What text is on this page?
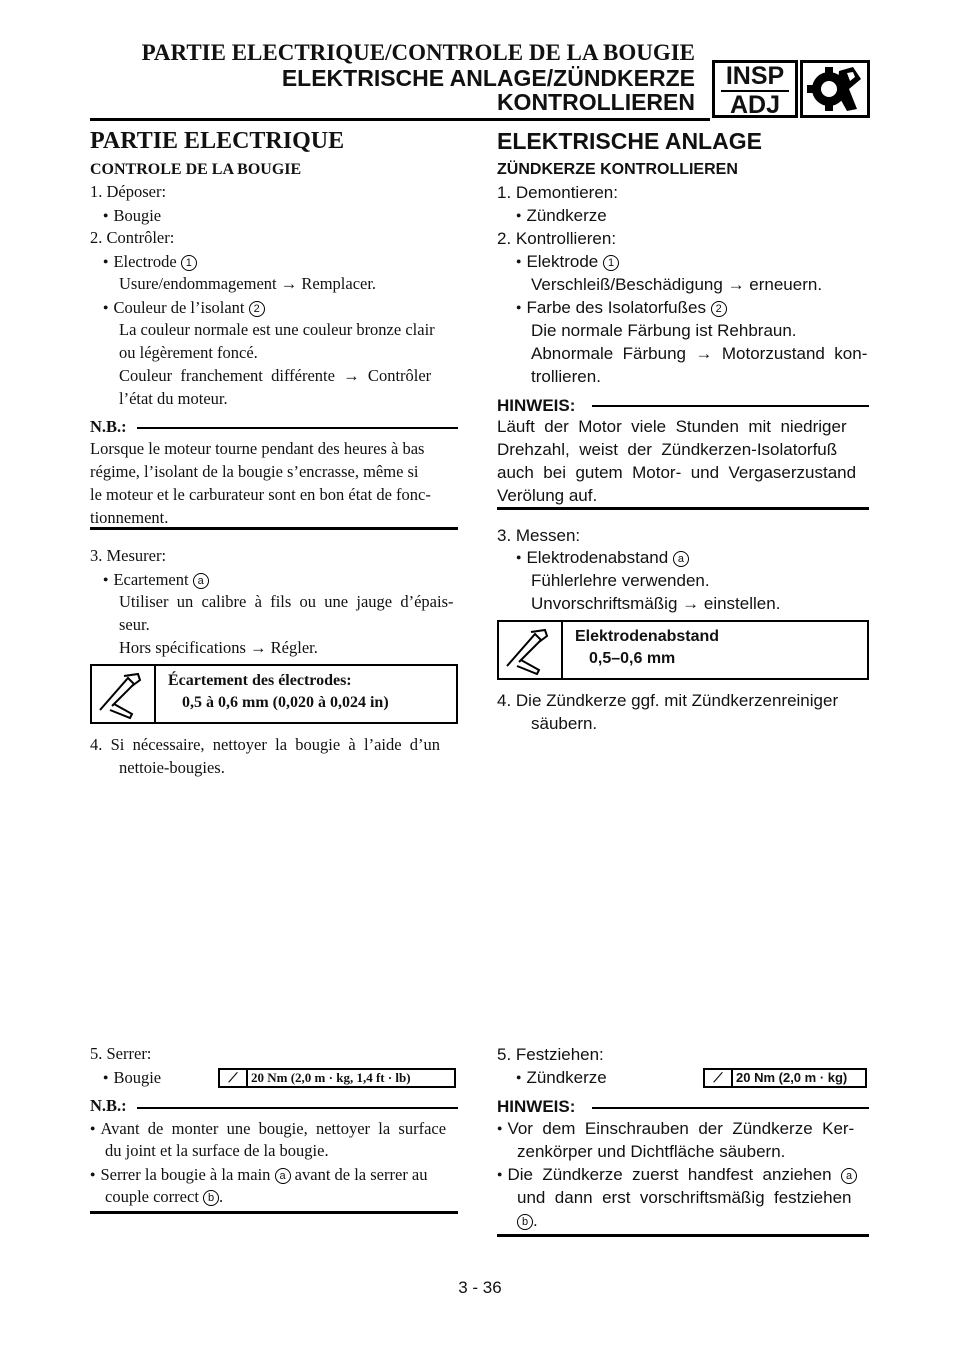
PARTIE ELECTRIQUE/CONTROLE DE LA BOUGIE
ELEKTRISCHE ANLAGE/ZÜNDKERZE
KONTROLLIEREN
INSP
ADJ
PARTIE ELECTRIQUE
CONTROLE DE LA BOUGIE
1. Déposer:
● Bougie
2. Contrôler:
● Electrode 1
Usure/endommagement → Remplacer.
● Couleur de l’isolant 2
La couleur normale est une couleur bronze clair
ou légèrement foncé.
Couleur  franchement  différente  →  Contrôler
l’état du moteur.
N.B.:
Lorsque le moteur tourne pendant des heures à bas
régime, l’isolant de la bougie s’encrasse, même si
le moteur et le carburateur sont en bon état de fonc-
tionnement.
3. Mesurer:
● Ecartement a
Utiliser  un  calibre  à  fils  ou  une  jauge  d’épais-
seur.
Hors spécifications → Régler.
Écartement des électrodes:
0,5 à 0,6 mm (0,020 à 0,024 in)
4.  Si  nécessaire,  nettoyer  la  bougie  à  l’aide  d’un
nettoie-bougies.
5. Serrer:
● Bougie	⟋ 20 Nm (2,0 m · kg, 1,4 ft · lb)
N.B.:
● Avant  de  monter  une  bougie,  nettoyer  la  surface
du joint et la surface de la bougie.
● Serrer la bougie à la main a avant de la serrer au
couple correct b .
ELEKTRISCHE ANLAGE
ZÜNDKERZE KONTROLLIEREN
1. Demontieren:
● Zündkerze
2. Kontrollieren:
● Elektrode 1
Verschleiß/Beschädigung → erneuern.
● Farbe des Isolatorfußes 2
Die normale Färbung ist Rehbraun.
Abnormale  Färbung  →  Motorzustand  kon-
trollieren.
HINWEIS:
Läuft  der  Motor  viele  Stunden  mit  niedriger
Drehzahl,  weist  der  Zündkerzen-Isolatorfuß
auch  bei  gutem  Motor-  und  Vergaserzustand
Verölung auf.
3. Messen:
● Elektrodenabstand a
Fühlerlehre verwenden.
Unvorschriftsmäßig → einstellen.
Elektrodenabstand
0,5–0,6 mm
4. Die Zündkerze ggf. mit Zündkerzenreiniger
säubern.
5. Festziehen:
● Zündkerze	⟋ 20 Nm (2,0 m · kg)
HINWEIS:
● Vor  dem  Einschrauben  der  Zündkerze  Ker-
zenkörper und Dichtfläche säubern.
● Die  Zündkerze  zuerst  handfest  anziehen a
und  dann  erst  vorschriftsmäßig  festziehen
b .
3 - 36
